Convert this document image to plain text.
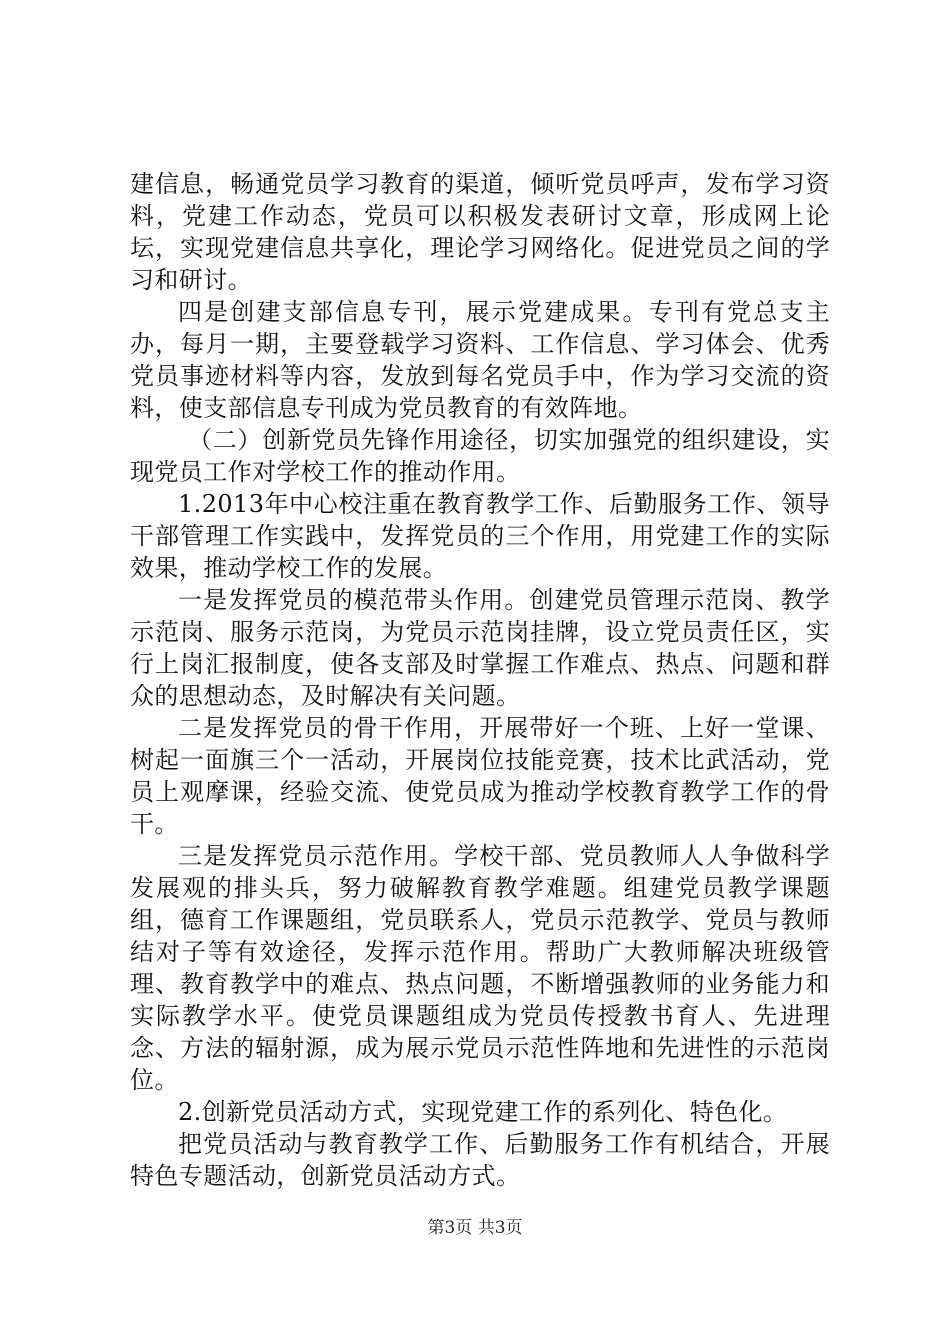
建信息，畅通党员学习教育的渠道，倾听党员呼声，发布学习资料，党建工作动态，党员可以积极发表研讨文章，形成网上论坛，实现党建信息共享化，理论学习网络化。促进党员之间的学习和研讨。

四是创建支部信息专刊，展示党建成果。专刊有党总支主办，每月一期，主要登载学习资料、工作信息、学习体会、优秀党员事迹材料等内容，发放到每名党员手中，作为学习交流的资料，使支部信息专刊成为党员教育的有效阵地。

（二）创新党员先锋作用途径，切实加强党的组织建设，实现党员工作对学校工作的推动作用。

1.2013年中心校注重在教育教学工作、后勤服务工作、领导干部管理工作实践中，发挥党员的三个作用，用党建工作的实际效果，推动学校工作的发展。

一是发挥党员的模范带头作用。创建党员管理示范岗、教学示范岗、服务示范岗，为党员示范岗挂牌，设立党员责任区，实行上岗汇报制度，使各支部及时掌握工作难点、热点、问题和群众的思想动态，及时解决有关问题。

二是发挥党员的骨干作用，开展带好一个班、上好一堂课、树起一面旗三个一活动，开展岗位技能竞赛，技术比武活动，党员上观摩课，经验交流、使党员成为推动学校教育教学工作的骨干。

三是发挥党员示范作用。学校干部、党员教师人人争做科学发展观的排头兵，努力破解教育教学难题。组建党员教学课题组，德育工作课题组，党员联系人，党员示范教学、党员与教师结对子等有效途径，发挥示范作用。帮助广大教师解决班级管理、教育教学中的难点、热点问题，不断增强教师的业务能力和实际教学水平。使党员课题组成为党员传授教书育人、先进理念、方法的辐射源，成为展示党员示范性阵地和先进性的示范岗位。

2.创新党员活动方式，实现党建工作的系列化、特色化。

把党员活动与教育教学工作、后勤服务工作有机结合，开展特色专题活动，创新党员活动方式。

第3页 共3页
